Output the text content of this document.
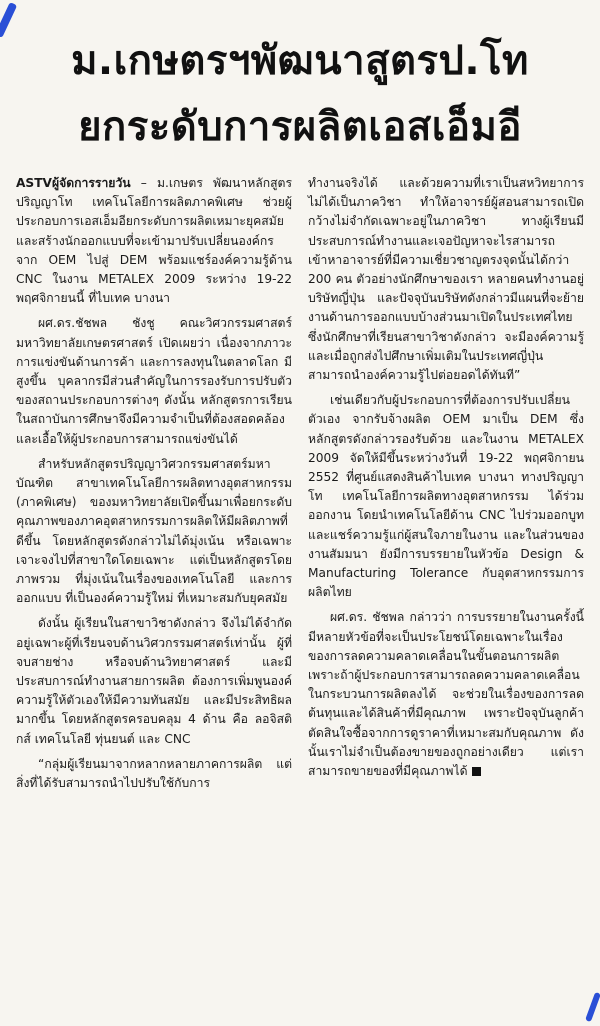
ม.เกษตรฯพัฒนาสูตรป.โท
ยกระดับการผลิตเอสเอ็มอี

ASTVผู้จัดการรายวัน – ม.เกษตร พัฒนาหลักสูตรปริญญาโท เทคโนโลยีการผลิตภาคพิเศษ ช่วยผู้ประกอบการเอสเอ็มอียกระดับการผลิตเหมาะยุคสมัย และสร้างนักออกแบบที่จะเข้ามาปรับเปลี่ยนองค์กรจาก OEM ไปสู่ DEM พร้อมแชร์องค์ความรู้ด้าน CNC ในงาน METALEX 2009 ระหว่าง 19-22 พฤศจิกายนนี้ ที่ไบเทค บางนา

ผศ.ดร.ชัชพล ชังชู คณะวิศวกรรมศาสตร์ มหาวิทยาลัยเกษตรศาสตร์ เปิดเผยว่า เนื่องจากภาวะการแข่งขันด้านการค้า และการลงทุนในตลาดโลก มีสูงขึ้น บุคลากรมีส่วนสำคัญในการรองรับการปรับตัวของสถานประกอบการต่างๆ ดังนั้น หลักสูตรการเรียนในสถาบันการศึกษาจึงมีความจำเป็นที่ต้องสอดคล้องและเอื้อให้ผู้ประกอบการสามารถแข่งขันได้

สำหรับหลักสูตรปริญญาวิศวกรรมศาสตร์มหาบัณฑิต สาขาเทคโนโลยีการผลิตทางอุตสาหกรรม (ภาคพิเศษ) ของมหาวิทยาลัยเปิดขึ้นมาเพื่อยกระดับคุณภาพของภาคอุตสาหกรรมการผลิตให้มีผลิตภาพที่ดีขึ้น โดยหลักสูตรดังกล่าวไม่ได้มุ่งเน้น หรือเฉพาะเจาะจงไปที่สาขาใดโดยเฉพาะ แต่เป็นหลักสูตรโดยภาพรวม ที่มุ่งเน้นในเรื่องของเทคโนโลยี และการออกแบบ ที่เป็นองค์ความรู้ใหม่ ที่เหมาะสมกับยุคสมัย

ดังนั้น ผู้เรียนในสาขาวิชาดังกล่าว จึงไม่ได้จำกัดอยู่เฉพาะผู้ที่เรียนจบด้านวิศวกรรมศาสตร์เท่านั้น ผู้ที่จบสายช่าง หรือจบด้านวิทยาศาสตร์ และมีประสบการณ์ทำงานสายการผลิต ต้องการเพิ่มพูนองค์ความรู้ให้ตัวเองให้มีความทันสมัย และมีประสิทธิผลมากขึ้น โดยหลักสูตรครอบคลุม 4 ด้าน คือ ลอจิสติกส์ เทคโนโลยี ทุ่นยนต์ และ CNC

“กลุ่มผู้เรียนมาจากหลากหลายภาคการผลิต แต่สิ่งที่ได้รับสามารถนำไปปรับใช้กับการ

ทำงานจริงได้ และด้วยความที่เราเป็นสหวิทยาการ ไม่ได้เป็นภาควิชา ทำให้อาจารย์ผู้สอนสามารถเปิดกว้างไม่จำกัดเฉพาะอยู่ในภาควิชา ทางผู้เรียนมีประสบการณ์ทำงานและเจอปัญหาจะไรสามารถเข้าหาอาจารย์ที่มีความเชี่ยวชาญตรงจุดนั้นได้กว่า 200 คน ตัวอย่างนักศึกษาของเรา หลายคนทำงานอยู่บริษัทญี่ปุ่น และปัจจุบันบริษัทดังกล่าวมีแผนที่จะย้ายงานด้านการออกแบบบ้างส่วนมาเปิดในประเทศไทย ซึ่งนักศึกษาที่เรียนสาขาวิชาดังกล่าว จะมีองค์ความรู้ และเมื่อถูกส่งไปศึกษาเพิ่มเติมในประเทศญี่ปุ่น สามารถนำองค์ความรู้ไปต่อยอดได้ทันที”

เช่นเดียวกับผู้ประกอบการที่ต้องการปรับเปลี่ยนตัวเอง จากรับจ้างผลิต OEM มาเป็น DEM ซึ่งหลักสูตรดังกล่าวรองรับด้วย และในงาน METALEX 2009 จัดให้มีขึ้นระหว่างวันที่ 19-22 พฤศจิกายน 2552 ที่ศูนย์แสดงสินค้าไบเทค บางนา ทางปริญญาโท เทคโนโลยีการผลิตทางอุตสาหกรรม ได้ร่วมออกงาน โดยนำเทคโนโลยีด้าน CNC ไปร่วมออกบูท และแชร์ความรู้แก่ผู้สนใจภายในงาน และในส่วนของงานสัมมนา ยังมีการบรรยายในหัวข้อ Design & Manufacturing Tolerance กับอุตสาหกรรมการผลิตไทย

ผศ.ดร. ชัชพล กล่าวว่า การบรรยายในงานครั้งนี้ มีหลายหัวข้อที่จะเป็นประโยชน์โดยเฉพาะในเรื่องของการลดความคลาดเคลื่อนในขั้นตอนการผลิต เพราะถ้าผู้ประกอบการสามารถลดความคลาดเคลื่อนในกระบวนการผลิตลงได้ จะช่วยในเรื่องของการลดต้นทุนและได้สินค้าที่มีคุณภาพ เพราะปัจจุบันลูกค้าตัดสินใจซื้อจากการดูราคาที่เหมาะสมกับคุณภาพ ดังนั้นเราไม่จำเป็นต้องขายของถูกอย่างเดียว แต่เราสามารถขายของที่มีคุณภาพได้
